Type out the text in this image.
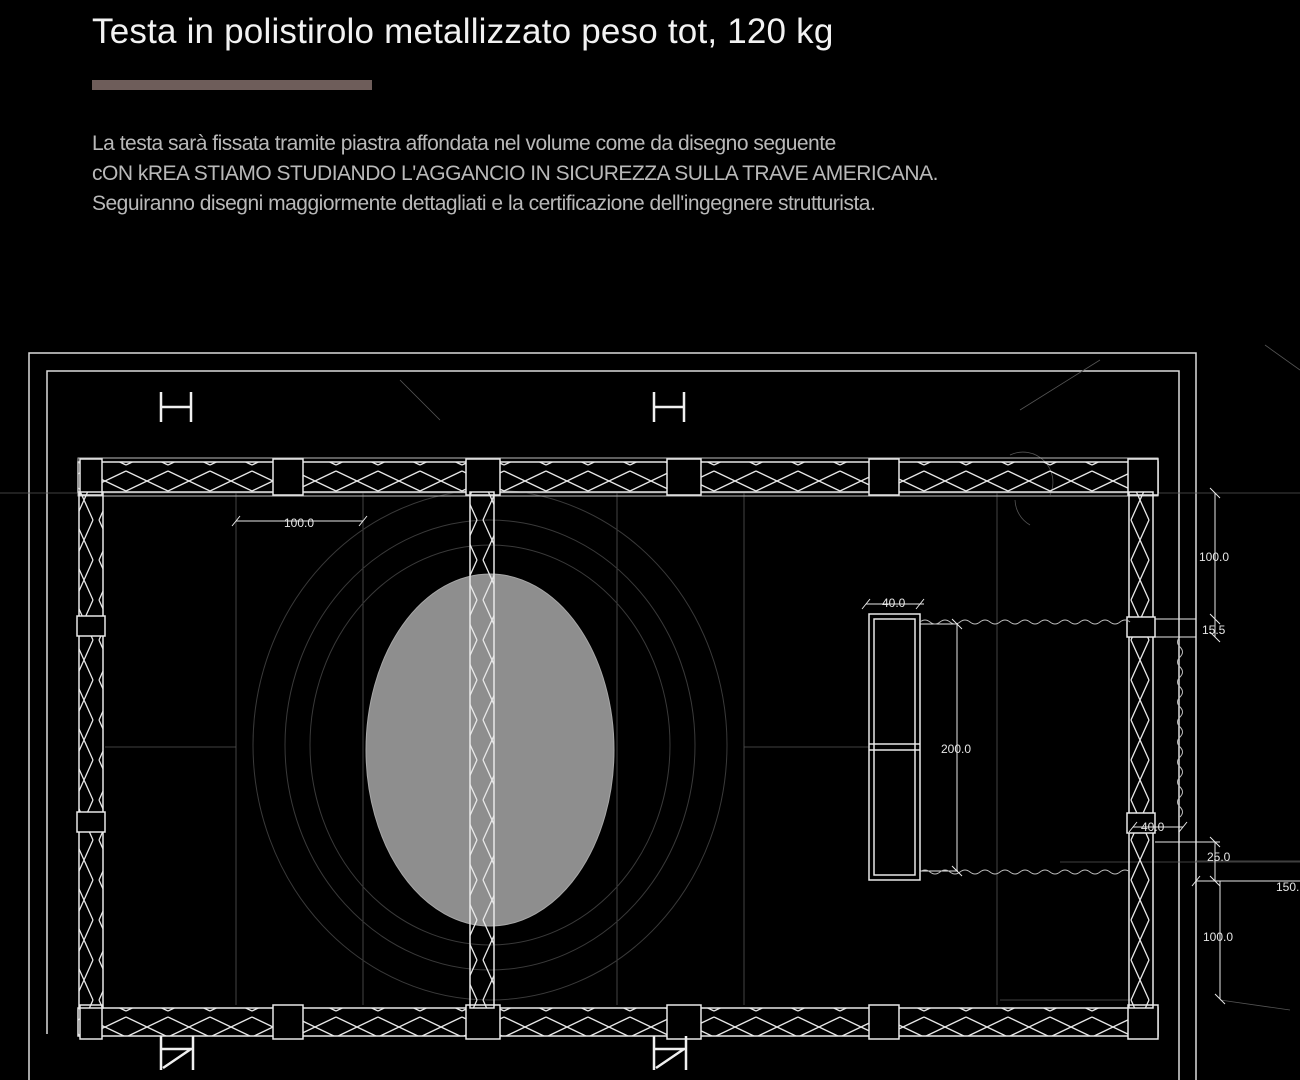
Testa in polistirolo metallizzato peso tot, 120 kg
La testa sarà fissata tramite piastra affondata nel volume come da disegno seguente
cON kREA STIAMO STUDIANDO L'AGGANCIO IN SICUREZZA SULLA TRAVE AMERICANA.
Seguiranno disegni maggiormente dettagliati e la certificazione dell'ingegnere strutturista.
100.0
40.0
200.0
100.0
15.5
40.0
25.0
150.
100.0
